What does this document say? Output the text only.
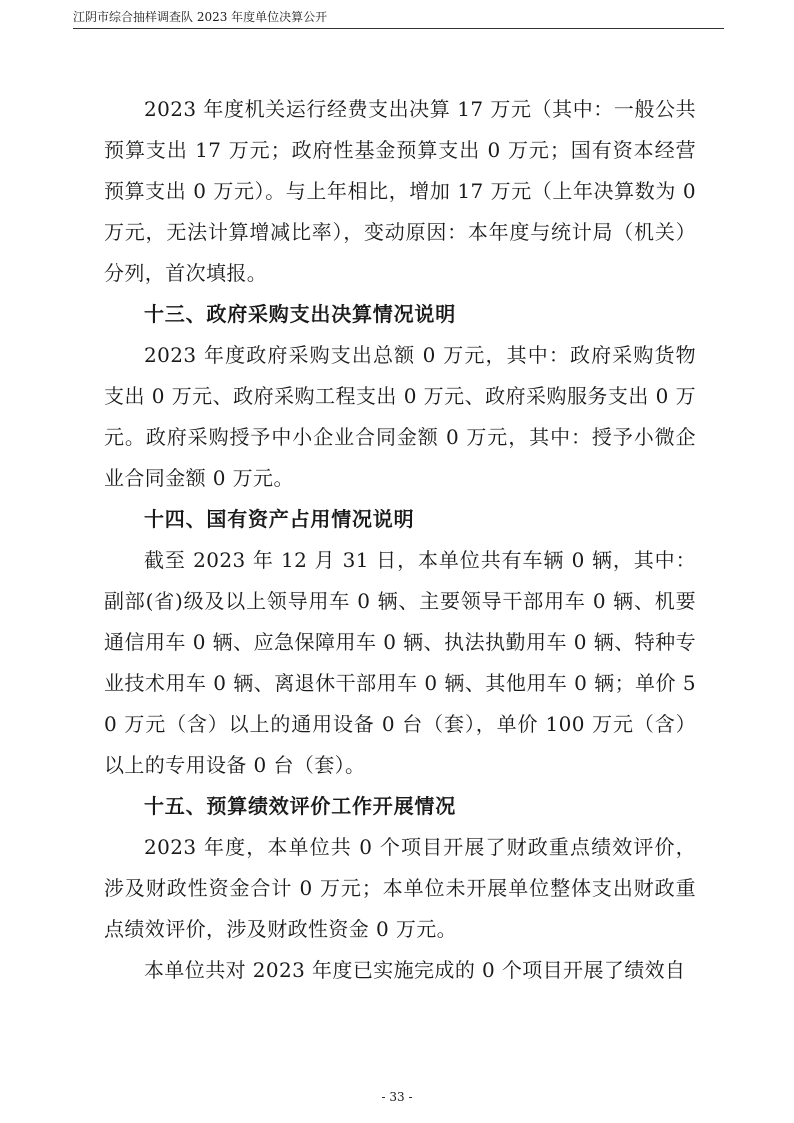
江阴市综合抽样调查队 2023 年度单位决算公开

2023 年度机关运行经费支出决算 17 万元（其中：一般公共预算支出 17 万元；政府性基金预算支出 0 万元；国有资本经营预算支出 0 万元）。与上年相比，增加 17 万元（上年决算数为 0 万元，无法计算增减比率），变动原因：本年度与统计局（机关）分列，首次填报。

十三、政府采购支出决算情况说明

2023 年度政府采购支出总额 0 万元，其中：政府采购货物支出 0 万元、政府采购工程支出 0 万元、政府采购服务支出 0 万元。政府采购授予中小企业合同金额 0 万元，其中：授予小微企业合同金额 0 万元。

十四、国有资产占用情况说明

截至 2023 年 12 月 31 日，本单位共有车辆 0 辆，其中：副部(省)级及以上领导用车 0 辆、主要领导干部用车 0 辆、机要通信用车 0 辆、应急保障用车 0 辆、执法执勤用车 0 辆、特种专业技术用车 0 辆、离退休干部用车 0 辆、其他用车 0 辆；单价 50 万元（含）以上的通用设备 0 台（套），单价 100 万元（含）以上的专用设备 0 台（套）。

十五、预算绩效评价工作开展情况

2023 年度，本单位共 0 个项目开展了财政重点绩效评价，涉及财政性资金合计 0 万元；本单位未开展单位整体支出财政重点绩效评价，涉及财政性资金 0 万元。

本单位共对 2023 年度已实施完成的 0 个项目开展了绩效自

- 33 -
